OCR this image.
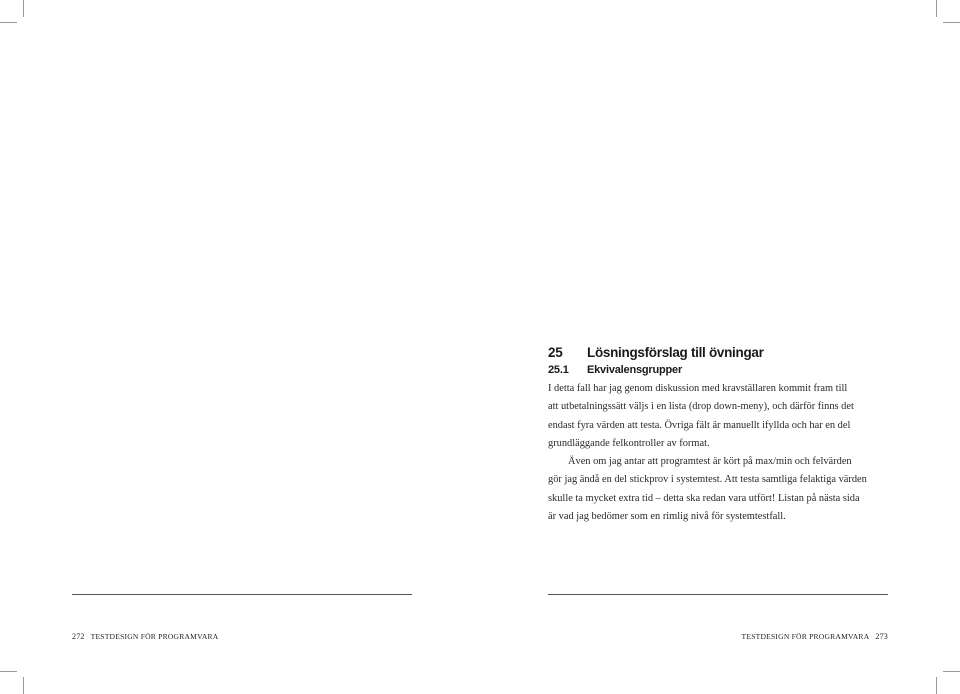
25 Lösningsförslag till övningar
25.1 Ekvivalensgrupper
I detta fall har jag genom diskussion med kravställaren kommit fram till
att utbetalningssätt väljs i en lista (drop down-meny), och därför finns det
endast fyra värden att testa. Övriga fält är manuellt ifyllda och har en del
grundläggande felkontroller av format.
Även om jag antar att programtest är kört på max/min och felvärden
gör jag ändå en del stickprov i systemtest. Att testa samtliga felaktiga värden
skulle ta mycket extra tid – detta ska redan vara utfört! Listan på nästa sida
är vad jag bedömer som en rimlig nivå för systemtestfall.
272 TESTDESIGN FÖR PROGRAMVARA	TESTDESIGN FÖR PROGRAMVARA 273
